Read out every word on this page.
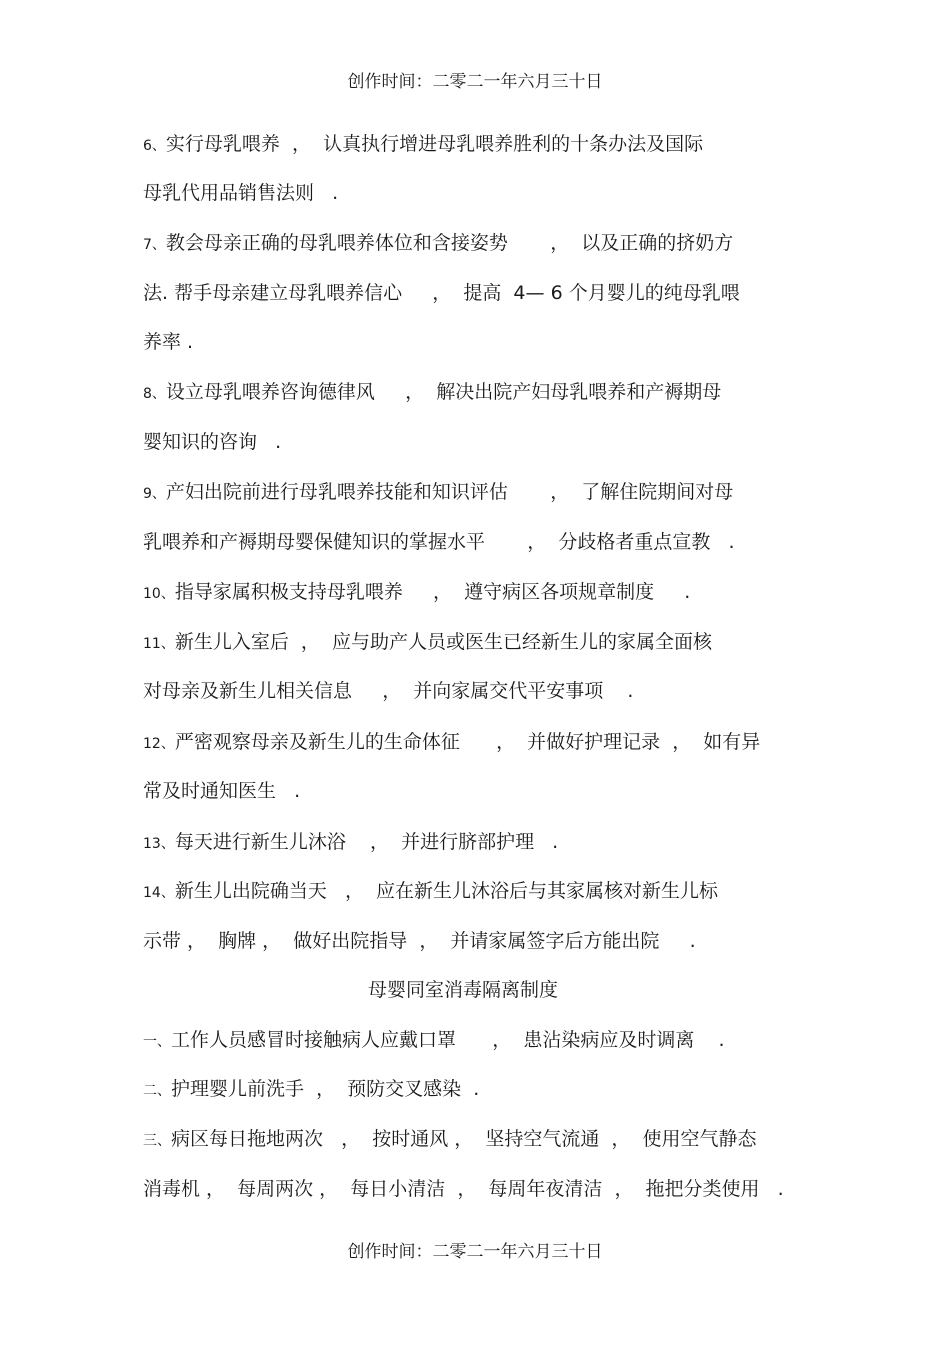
创作时间：二零二一年六月三十日
6、实行母乳喂养  ，  认真执行增进母乳喂养胜利的十条办法及国际
母乳代用品销售法则   .
7、教会母亲正确的母乳喂养体位和含接姿势       ，  以及正确的挤奶方
法. 帮手母亲建立母乳喂养信心     ，  提高  4— 6 个月婴儿的纯母乳喂
养率 .
8、设立母乳喂养咨询德律风     ，  解决出院产妇母乳喂养和产褥期母
婴知识的咨询   .
9、产妇出院前进行母乳喂养技能和知识评估       ，  了解住院期间对母
乳喂养和产褥期母婴保健知识的掌握水平       ，  分歧格者重点宣教   .
10、指导家属积极支持母乳喂养     ，  遵守病区各项规章制度     .
11、新生儿入室后  ，  应与助产人员或医生已经新生儿的家属全面核
对母亲及新生儿相关信息     ，  并向家属交代平安事项    .
12、严密观察母亲及新生儿的生命体征      ，  并做好护理记录  ，  如有异
常及时通知医生   .
13、每天进行新生儿沐浴    ，  并进行脐部护理   .
14、新生儿出院确当天   ，  应在新生儿沐浴后与其家属核对新生儿标
示带 ，  胸牌 ，  做好出院指导  ，  并请家属签字后方能出院     .
母婴同室消毒隔离制度
一、工作人员感冒时接触病人应戴口罩      ，  患沾染病应及时调离    .
二、护理婴儿前洗手  ，  预防交叉感染  .
三、病区每日拖地两次   ，  按时通风 ，  坚持空气流通  ，  使用空气静态
消毒机 ，  每周两次 ，  每日小清洁  ，  每周年夜清洁  ，  拖把分类使用   .
创作时间：二零二一年六月三十日
